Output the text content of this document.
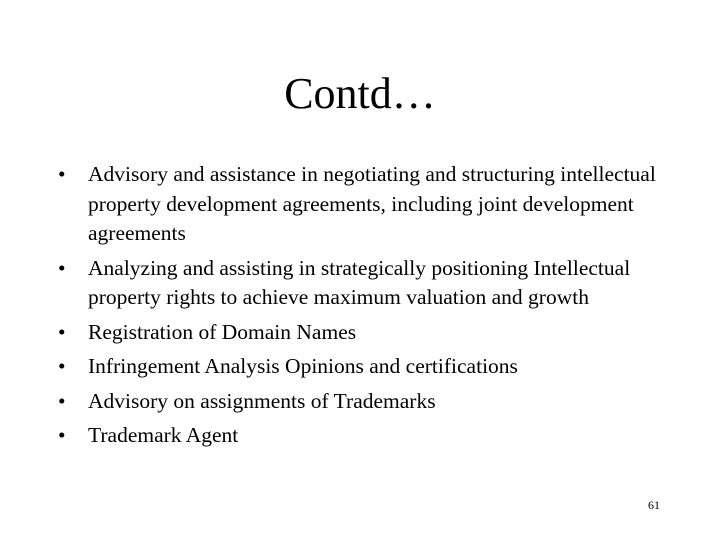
Contd…
• Advisory and assistance in negotiating and structuring intellectual property development agreements, including joint development agreements
• Analyzing and assisting in strategically positioning Intellectual property rights to achieve maximum valuation and growth
• Registration of Domain Names
• Infringement Analysis Opinions and certifications
• Advisory on assignments of Trademarks
• Trademark Agent
61
